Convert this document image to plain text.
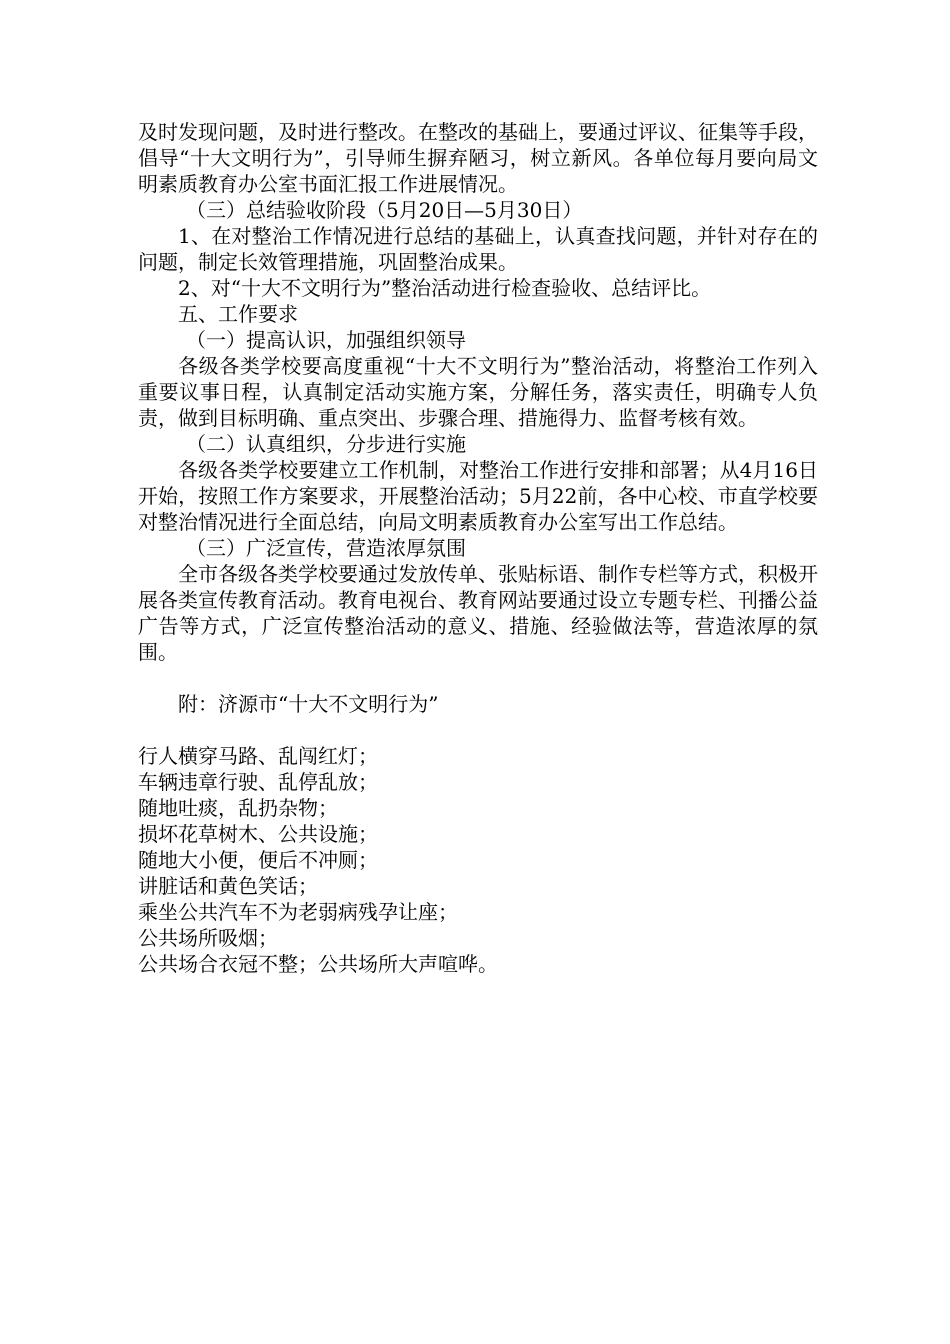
及时发现问题，及时进行整改。在整改的基础上，要通过评议、征集等手段，倡导“十大文明行为”，引导师生摒弃陋习，树立新风。各单位每月要向局文明素质教育办公室书面汇报工作进展情况。

（三）总结验收阶段（5月20日—5月30日）

1、在对整治工作情况进行总结的基础上，认真查找问题，并针对存在的问题，制定长效管理措施，巩固整治成果。

2、对“十大不文明行为”整治活动进行检查验收、总结评比。

五、工作要求

（一）提高认识，加强组织领导

各级各类学校要高度重视“十大不文明行为”整治活动，将整治工作列入重要议事日程，认真制定活动实施方案，分解任务，落实责任，明确专人负责，做到目标明确、重点突出、步骤合理、措施得力、监督考核有效。

（二）认真组织，分步进行实施

各级各类学校要建立工作机制，对整治工作进行安排和部署；从4月16日开始，按照工作方案要求，开展整治活动；5月22前，各中心校、市直学校要对整治情况进行全面总结，向局文明素质教育办公室写出工作总结。

（三）广泛宣传，营造浓厚氛围

全市各级各类学校要通过发放传单、张贴标语、制作专栏等方式，积极开展各类宣传教育活动。教育电视台、教育网站要通过设立专题专栏、刊播公益广告等方式，广泛宣传整治活动的意义、措施、经验做法等，营造浓厚的氛围。

附：济源市“十大不文明行为”

行人横穿马路、乱闯红灯；

车辆违章行驶、乱停乱放；

随地吐痰，乱扔杂物；

损坏花草树木、公共设施；

随地大小便，便后不冲厕；

讲脏话和黄色笑话；

乘坐公共汽车不为老弱病残孕让座；

公共场所吸烟；

公共场合衣冠不整；公共场所大声喧哗。
